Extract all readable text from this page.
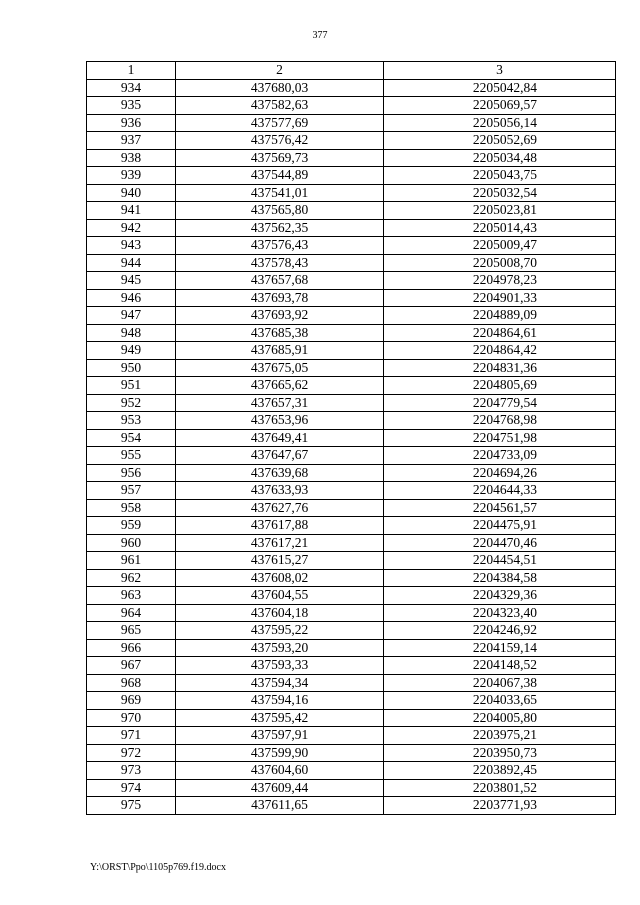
377
1	2	3
934	437680,03	2205042,84
935	437582,63	2205069,57
936	437577,69	2205056,14
937	437576,42	2205052,69
938	437569,73	2205034,48
939	437544,89	2205043,75
940	437541,01	2205032,54
941	437565,80	2205023,81
942	437562,35	2205014,43
943	437576,43	2205009,47
944	437578,43	2205008,70
945	437657,68	2204978,23
946	437693,78	2204901,33
947	437693,92	2204889,09
948	437685,38	2204864,61
949	437685,91	2204864,42
950	437675,05	2204831,36
951	437665,62	2204805,69
952	437657,31	2204779,54
953	437653,96	2204768,98
954	437649,41	2204751,98
955	437647,67	2204733,09
956	437639,68	2204694,26
957	437633,93	2204644,33
958	437627,76	2204561,57
959	437617,88	2204475,91
960	437617,21	2204470,46
961	437615,27	2204454,51
962	437608,02	2204384,58
963	437604,55	2204329,36
964	437604,18	2204323,40
965	437595,22	2204246,92
966	437593,20	2204159,14
967	437593,33	2204148,52
968	437594,34	2204067,38
969	437594,16	2204033,65
970	437595,42	2204005,80
971	437597,91	2203975,21
972	437599,90	2203950,73
973	437604,60	2203892,45
974	437609,44	2203801,52
975	437611,65	2203771,93
Y:\ORST\Ppo\1105p769.f19.docx
